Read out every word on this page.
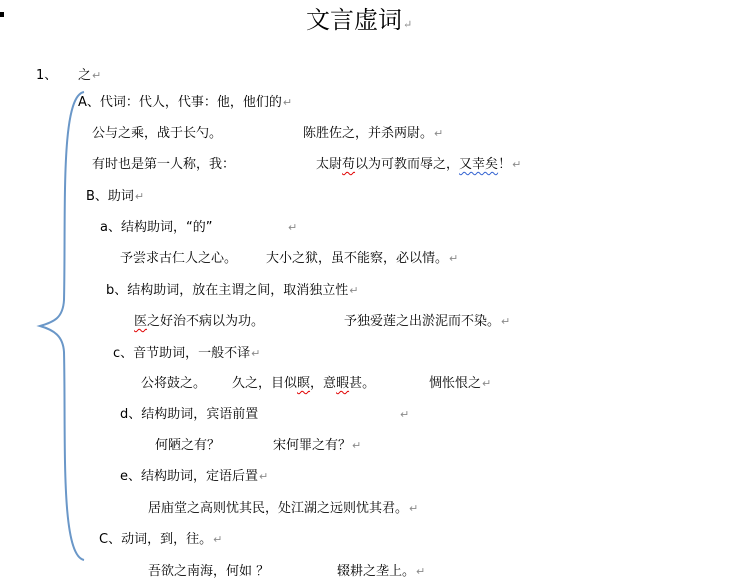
文言虚词↵
1、 之↵
A、代词：代人，代事：他，他们的↵
公与之乘，战于长勺。	陈胜佐之，并杀两尉。↵
有时也是第一人称，我：	太尉苟以为可教而辱之，又幸矣！↵
B、助词↵
a、结构助词，“的”	↵
予尝求古仁人之心。 大小之狱，虽不能察，必以情。↵
b、结构助词，放在主谓之间，取消独立性↵
医之好治不病以为功。	予独爱莲之出淤泥而不染。↵
c、音节助词，一般不译↵
公将鼓之。 久之，目似瞑，意暇甚。	惆怅恨之↵
d、结构助词，宾语前置	↵
何陋之有？	宋何罪之有？↵
e、结构助词，定语后置↵
居庙堂之高则忧其民，处江湖之远则忧其君。↵
C、动词，到，往。↵
吾欲之南海，何如 ？	辍耕之垄上。↵
